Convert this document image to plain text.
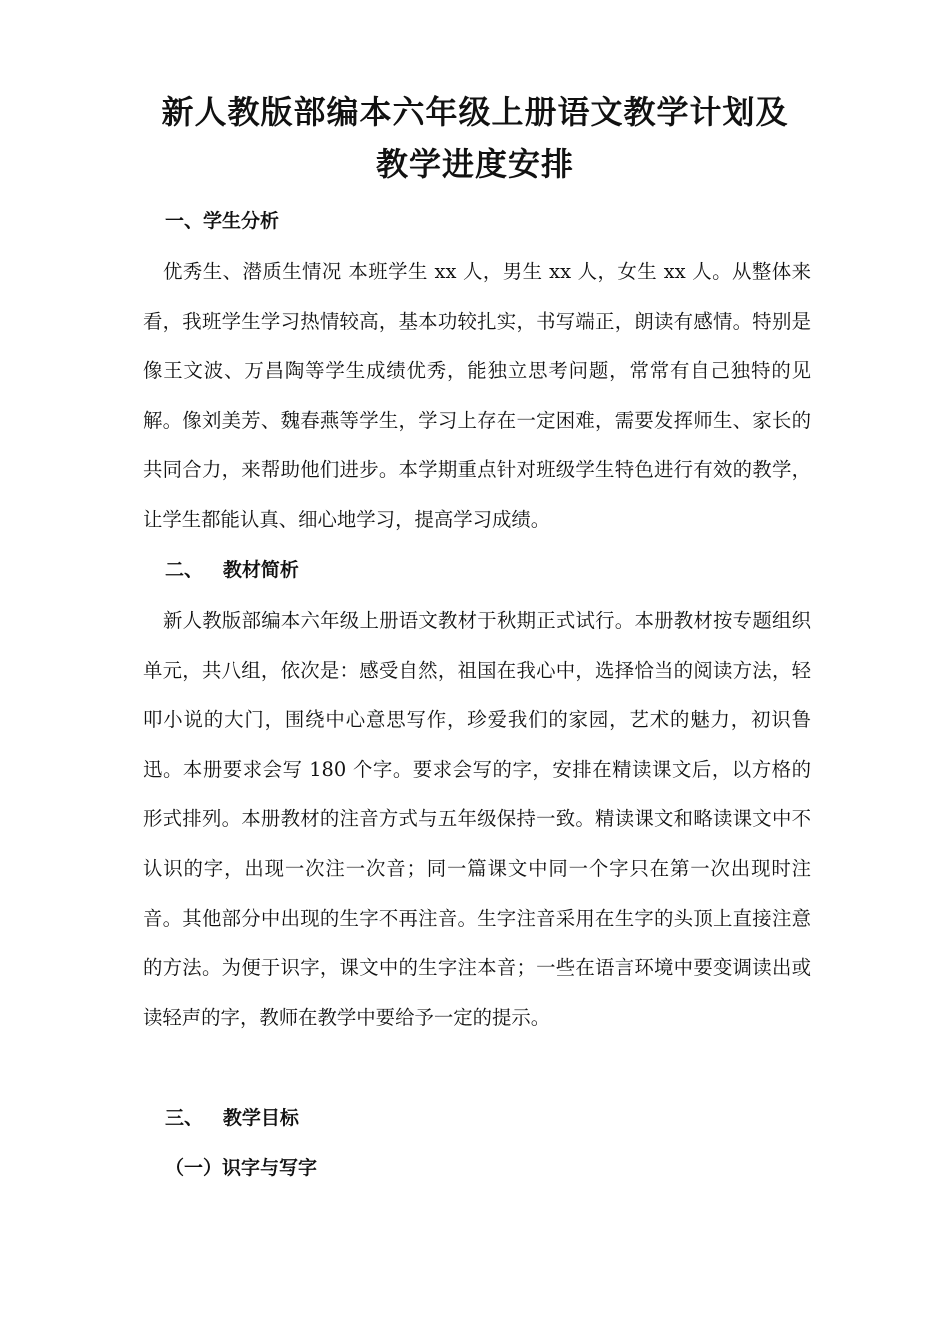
新人教版部编本六年级上册语文教学计划及
教学进度安排
一、学生分析

优秀生、潜质生情况 本班学生 xx 人，男生 xx 人，女生 xx 人。从整体来看，我班学生学习热情较高，基本功较扎实，书写端正，朗读有感情。特别是像王文波、万昌陶等学生成绩优秀，能独立思考问题，常常有自己独特的见解。像刘美芳、魏春燕等学生，学习上存在一定困难，需要发挥师生、家长的共同合力，来帮助他们进步。本学期重点针对班级学生特色进行有效的教学，让学生都能认真、细心地学习，提高学习成绩。

二、   教材简析

新人教版部编本六年级上册语文教材于秋期正式试行。本册教材按专题组织单元，共八组，依次是：感受自然，祖国在我心中，选择恰当的阅读方法，轻叩小说的大门，围绕中心意思写作，珍爱我们的家园，艺术的魅力，初识鲁迅。本册要求会写 180 个字。要求会写的字，安排在精读课文后，以方格的形式排列。本册教材的注音方式与五年级保持一致。精读课文和略读课文中不认识的字，出现一次注一次音；同一篇课文中同一个字只在第一次出现时注音。其他部分中出现的生字不再注音。生字注音采用在生字的头顶上直接注意的方法。为便于识字，课文中的生字注本音；一些在语言环境中要变调读出或读轻声的字，教师在教学中要给予一定的提示。

三、   教学目标
（一）识字与写字
